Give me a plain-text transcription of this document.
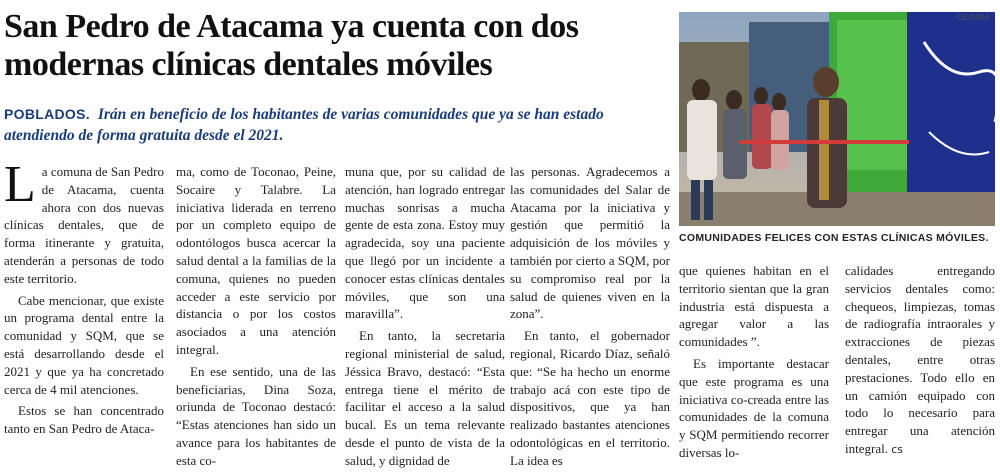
San Pedro de Atacama ya cuenta con dos
modernas clínicas dentales móviles
POBLADOS. Irán en beneficio de los habitantes de varias comunidades que ya se han estado atendiendo de forma gratuita desde el 2021.
CEDIDA
COMUNIDADES FELICES CON ESTAS CLÍNICAS MÓVILES.

La comuna de San Pedro de Atacama, cuenta ahora con dos nuevas clínicas dentales, que de forma itinerante y gratuita, atenderán a personas de todo este territorio.

Cabe mencionar, que existe un programa dental entre la comunidad y SQM, que se está desarrollando desde el 2021 y que ya ha concretado cerca de 4 mil atenciones.

Estos se han concentrado tanto en San Pedro de Ataca-

ma, como de Toconao, Peine, Socaire y Talabre. La iniciativa liderada en terreno por un completo equipo de odontólogos busca acercar la salud dental a la familias de la comuna, quienes no pueden acceder a este servicio por distancia o por los costos asociados a una atención integral.

En ese sentido, una de las beneficiarias, Dina Soza, oriunda de Toconao destacó: “Estas atenciones han sido un avance para los habitantes de esta co-

muna que, por su calidad de atención, han logrado entregar muchas sonrisas a mucha gente de esta zona. Estoy muy agradecida, soy una paciente que llegó por un incidente a conocer estas clínicas dentales móviles, que son una maravilla”.

En tanto, la secretaria regional ministerial de salud, Jéssica Bravo, destacó: “Esta entrega tiene el mérito de facilitar el acceso a la salud bucal. Es un tema relevante desde el punto de vista de la salud, y dignidad de

las personas. Agradecemos a las comunidades del Salar de Atacama por la iniciativa y gestión que permitió la adquisición de los móviles y también por cierto a SQM, por su compromiso real por la salud de quienes viven en la zona”.

En tanto, el gobernador regional, Ricardo Díaz, señaló que: “Se ha hecho un enorme trabajo acá con este tipo de dispositivos, que ya han realizado bastantes atenciones odontológicas en el territorio. La idea es

que quienes habitan en el territorio sientan que la gran industria está dispuesta a agregar valor a las comunidades ”.

Es importante destacar que este programa es una iniciativa co-creada entre las comunidades de la comuna y SQM permitiendo recorrer diversas lo-

calidades entregando servicios dentales como: chequeos, limpiezas, tomas de radiografía intraorales y extracciones de piezas dentales, entre otras prestaciones. Todo ello en un camión equipado con todo lo necesario para entregar una atención integral. cs
